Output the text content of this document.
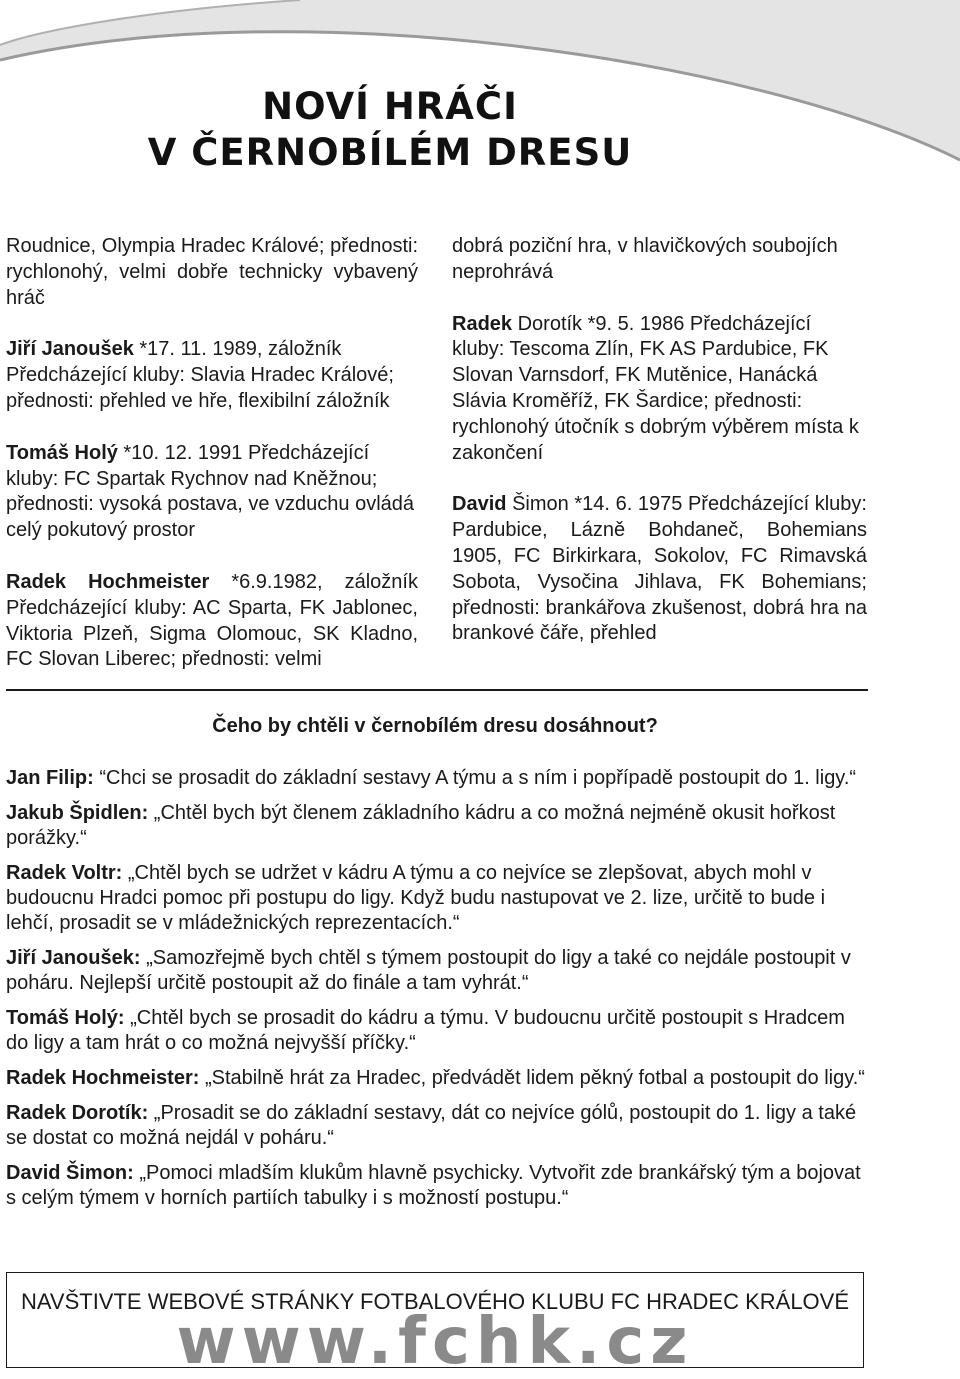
NOVÍ HRÁČI
V ČERNOBÍLÉM DRESU

Roudnice, Olympia Hradec Králové; přednosti: rychlonohý, velmi dobře technicky vybavený hráč

Jiří Janoušek *17. 11. 1989, záložník Předcházející kluby: Slavia Hradec Králové; přednosti: přehled ve hře, flexibilní záložník

Tomáš Holý *10. 12. 1991 Předcházející kluby: FC Spartak Rychnov nad Kněžnou; přednosti: vysoká postava, ve vzduchu ovládá celý pokutový prostor

Radek Hochmeister *6.9.1982, záložník Předcházející kluby: AC Sparta, FK Jablonec, Viktoria Plzeň, Sigma Olomouc, SK Kladno, FC Slovan Liberec; přednosti: velmi

dobrá poziční hra, v hlavičkových soubojích neprohrává

Radek Dorotík *9. 5. 1986 Předcházející kluby: Tescoma Zlín, FK AS Pardubice, FK Slovan Varnsdorf, FK Mutěnice, Hanácká Slávia Kroměříž, FK Šardice; přednosti: rychlonohý útočník s dobrým výběrem místa k zakončení

David Šimon *14. 6. 1975 Předcházející kluby: Pardubice, Lázně Bohdaneč, Bohemians 1905, FC Birkirkara, Sokolov, FC Rimavská Sobota, Vysočina Jihlava, FK Bohemians; přednosti: brankářova zkušenost, dobrá hra na brankové čáře, přehled

Čeho by chtěli v černobílém dresu dosáhnout?

Jan Filip: “Chci se prosadit do základní sestavy A týmu a s ním i popřípadě postoupit do 1. ligy.“

Jakub Špidlen: „Chtěl bych být členem základního kádru a co možná nejméně okusit hořkost porážky.“

Radek Voltr: „Chtěl bych se udržet v kádru A týmu a co nejvíce se zlepšovat, abych mohl v budoucnu Hradci pomoc při postupu do ligy. Když budu nastupovat ve 2. lize, určitě to bude i lehčí, prosadit se v mládežnických reprezentacích.“

Jiří Janoušek: „Samozřejmě bych chtěl s týmem postoupit do ligy a také co nejdále postoupit v poháru. Nejlepší určitě postoupit až do finále a tam vyhrát.“

Tomáš Holý: „Chtěl bych se prosadit do kádru a týmu. V budoucnu určitě postoupit s Hradcem do ligy a tam hrát o co možná nejvyšší příčky.“

Radek Hochmeister: „Stabilně hrát za Hradec, předvádět lidem pěkný fotbal a postoupit do ligy.“

Radek Dorotík: „Prosadit se do základní sestavy, dát co nejvíce gólů, postoupit do 1. ligy a také se dostat co možná nejdál v poháru.“

David Šimon: „Pomoci mladším klukům hlavně psychicky. Vytvořit zde brankářský tým a bojovat s celým týmem v horních partiích tabulky i s možností postupu.“

www.fchk.cz
NAVŠTIVTE WEBOVÉ STRÁNKY FOTBALOVÉHO KLUBU FC HRADEC KRÁLOVÉ
